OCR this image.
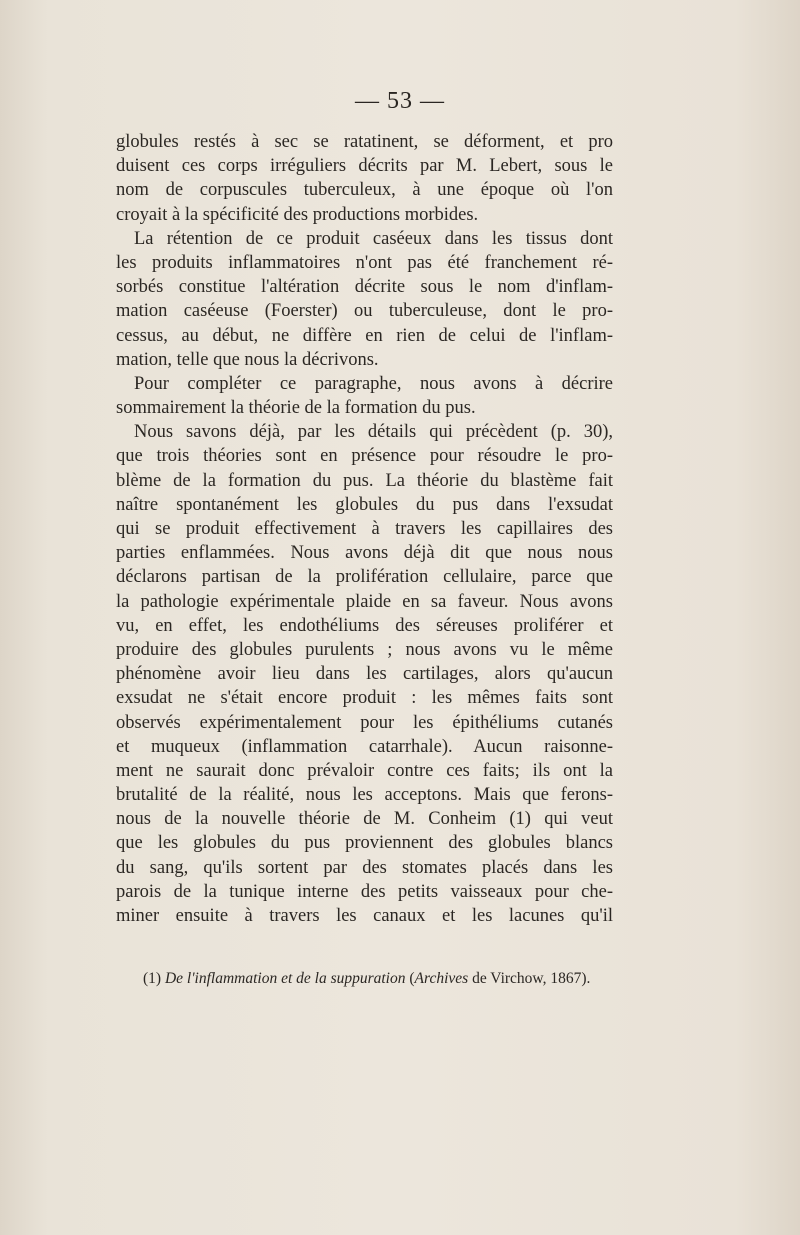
— 53 —
globules restés à sec se ratatinent, se déforment, et pro
duisent ces corps irréguliers décrits par M. Lebert, sous le
nom de corpuscules tuberculeux, à une époque où l'on
croyait à la spécificité des productions morbides.
La rétention de ce produit caséeux dans les tissus dont
les produits inflammatoires n'ont pas été franchement ré-
sorbés constitue l'altération décrite sous le nom d'inflam-
mation caséeuse (Foerster) ou tuberculeuse, dont le pro-
cessus, au début, ne diffère en rien de celui de l'inflam-
mation, telle que nous la décrivons.
Pour compléter ce paragraphe, nous avons à décrire
sommairement la théorie de la formation du pus.
Nous savons déjà, par les détails qui précèdent (p. 30),
que trois théories sont en présence pour résoudre le pro-
blème de la formation du pus. La théorie du blastème fait
naître spontanément les globules du pus dans l'exsudat
qui se produit effectivement à travers les capillaires des
parties enflammées. Nous avons déjà dit que nous nous
déclarons partisan de la prolifération cellulaire, parce que
la pathologie expérimentale plaide en sa faveur. Nous avons
vu, en effet, les endothéliums des séreuses proliférer et
produire des globules purulents ; nous avons vu le même
phénomène avoir lieu dans les cartilages, alors qu'aucun
exsudat ne s'était encore produit : les mêmes faits sont
observés expérimentalement pour les épithéliums cutanés
et muqueux (inflammation catarrhale). Aucun raisonne-
ment ne saurait donc prévaloir contre ces faits; ils ont la
brutalité de la réalité, nous les acceptons. Mais que ferons-
nous de la nouvelle théorie de M. Conheim (1) qui veut
que les globules du pus proviennent des globules blancs
du sang, qu'ils sortent par des stomates placés dans les
parois de la tunique interne des petits vaisseaux pour che-
miner ensuite à travers les canaux et les lacunes qu'il
(1) De l'inflammation et de la suppuration (Archives de Virchow, 1867).
